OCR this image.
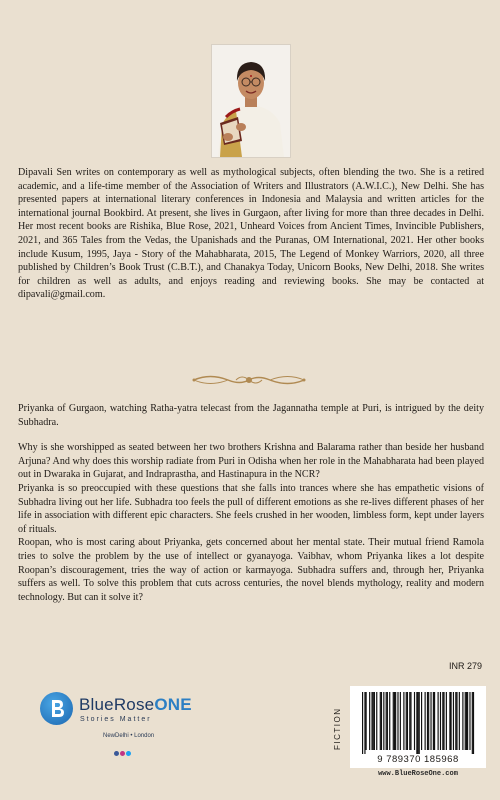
Dipavali Sen writes on contemporary as well as mythological subjects, often blending the two. She is a retired academic, and a life-time member of the Association of Writers and Illustrators (A.W.I.C.), New Delhi. She has presented papers at international literary conferences in Indonesia and Malaysia and written articles for the international journal Bookbird. At present, she lives in Gurgaon, after living for more than three decades in Delhi. Her most recent books are Rishika, Blue Rose, 2021, Unheard Voices from Ancient Times, Invincible Publishers, 2021, and 365 Tales from the Vedas, the Upanishads and the Puranas, OM International, 2021. Her other books include Kusum, 1995, Jaya - Story of the Mahabharata, 2015, The Legend of Monkey Warriors, 2020, all three published by Children’s Book Trust (C.B.T.), and Chanakya Today, Unicorn Books, New Delhi, 2018. She writes for children as well as adults, and enjoys reading and reviewing books. She may be contacted at dipavali@gmail.com.

Priyanka of Gurgaon, watching Ratha-yatra telecast from the Jagannatha temple at Puri, is intrigued by the deity Subhadra.

Why is she worshipped as seated between her two brothers Krishna and Balarama rather than beside her husband Arjuna? And why does this worship radiate from Puri in Odisha when her role in the Mahabharata had been played out in Dwaraka in Gujarat, and Indraprastha, and Hastinapura in the NCR?

Priyanka is so preoccupied with these questions that she falls into trances where she has empathetic visions of Subhadra living out her life. Subhadra too feels the pull of different emotions as she re-lives different phases of her life in association with different epic characters. She feels crushed in her wooden, limbless form, kept under layers of rituals.

Roopan, who is most caring about Priyanka, gets concerned about her mental state. Their mutual friend Ramola tries to solve the problem by the use of intellect or gyanayoga. Vaibhav, whom Priyanka likes a lot despite Roopan’s discouragement, tries the way of action or karmayoga. Subhadra suffers and, through her, Priyanka suffers as well. To solve this problem that cuts across centuries, the novel blends mythology, reality and modern technology. But can it solve it?

BlueRoseONE
Stories Matter
NewDelhi • London
INR 279
FICTION
9 789370 185968
www.BlueRoseOne.com
